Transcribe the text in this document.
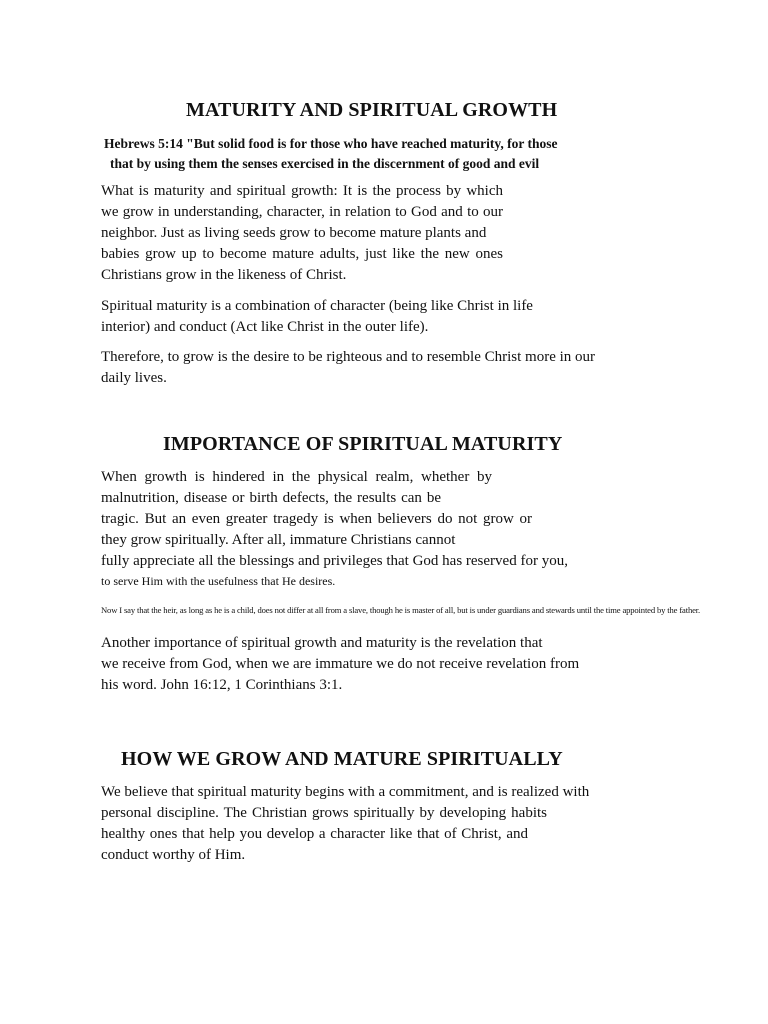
MATURITY AND SPIRITUAL GROWTH
Hebrews 5:14 "But solid food is for those who have reached maturity, for those
that by using them the senses exercised in the discernment of good and evil
What is maturity and spiritual growth: It is the process by which
we grow in understanding, character, in relation to God and to our
neighbor. Just as living seeds grow to become mature plants and
babies grow up to become mature adults, just like the new ones
Christians grow in the likeness of Christ.
Spiritual maturity is a combination of character (being like Christ in life
interior) and conduct (Act like Christ in the outer life).
Therefore, to grow is the desire to be righteous and to resemble Christ more in our
daily lives.
IMPORTANCE OF SPIRITUAL MATURITY
When growth is hindered in the physical realm, whether by
malnutrition, disease or birth defects, the results can be
tragic. But an even greater tragedy is when believers do not grow or
they grow spiritually. After all, immature Christians cannot
fully appreciate all the blessings and privileges that God has reserved for you,
to serve Him with the usefulness that He desires.
Now I say that the heir, as long as he is a child, does not differ at all from a slave, though he is master of all, but is under guardians and stewards until the time appointed by the father.
Another importance of spiritual growth and maturity is the revelation that
we receive from God, when we are immature we do not receive revelation from
his word. John 16:12, 1 Corinthians 3:1.
HOW WE GROW AND MATURE SPIRITUALLY
We believe that spiritual maturity begins with a commitment, and is realized with
personal discipline. The Christian grows spiritually by developing habits
healthy ones that help you develop a character like that of Christ, and
conduct worthy of Him.
